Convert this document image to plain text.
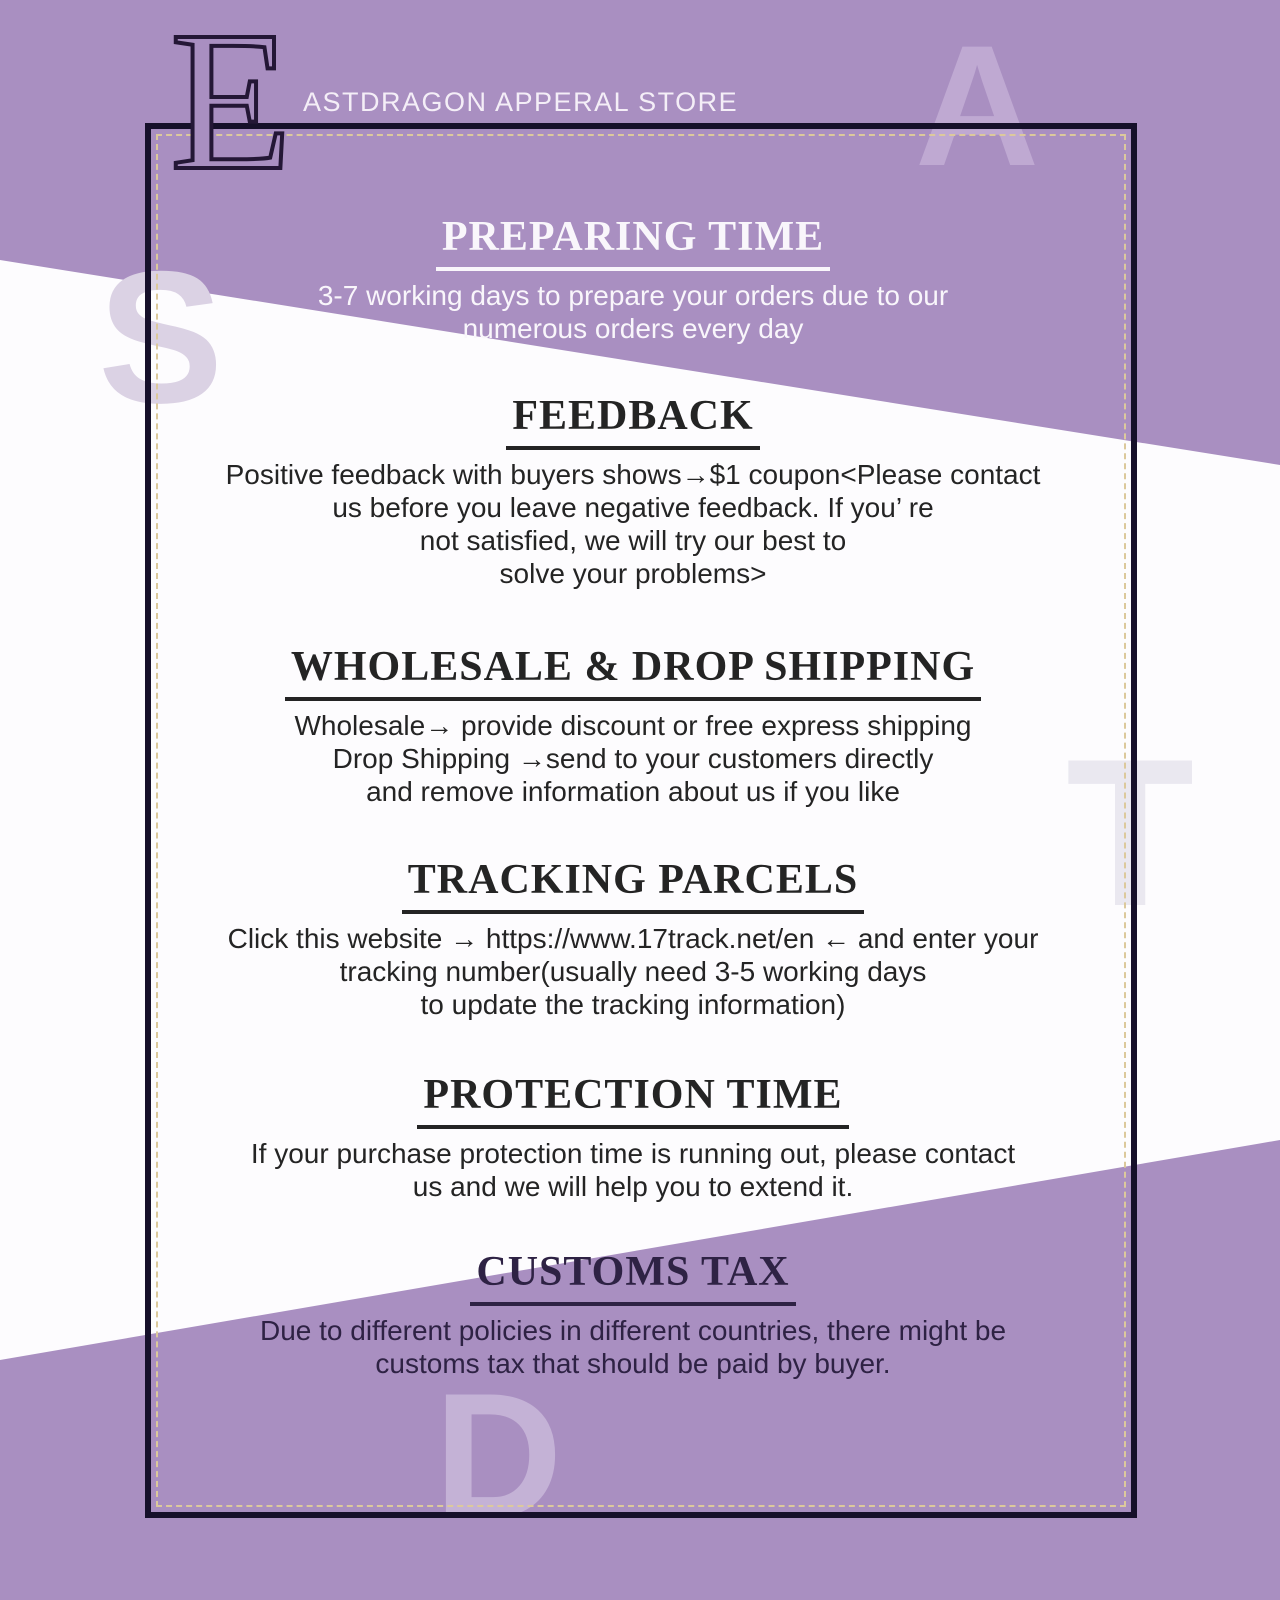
A
S
T
D
E ASTDRAGON APPERAL STORE
PREPARING TIME
3-7 working days to prepare your orders due to our
numerous orders every day
FEEDBACK
Positive feedback with buyers shows→$1 coupon<Please contact
us before you leave negative feedback. If you’ re
not satisfied, we will try our best to
solve your problems>
WHOLESALE & DROP SHIPPING
Wholesale→ provide discount or free express shipping
Drop Shipping →send to your customers directly
and remove information about us if you like
TRACKING PARCELS
Click this website → https://www.17track.net/en ← and enter your
tracking number(usually need 3-5 working days
to update the tracking information)
PROTECTION TIME
If your purchase protection time is running out, please contact
us and we will help you to extend it.
CUSTOMS TAX
Due to different policies in different countries, there might be
customs tax that should be paid by buyer.
